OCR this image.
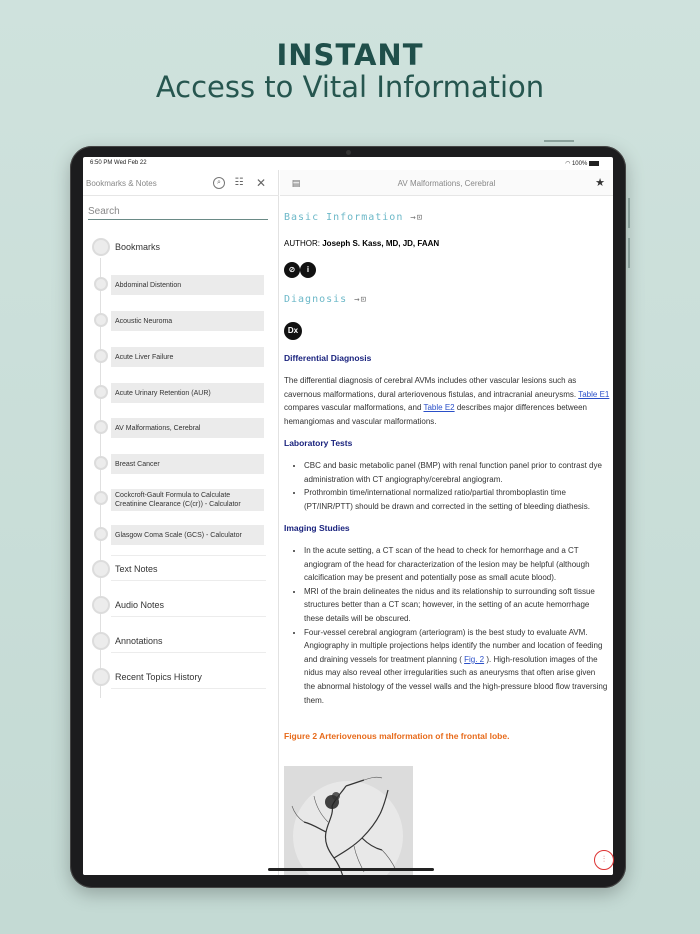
INSTANT
Access to Vital Information
6:50 PM Wed Feb 22	◠ 100%
Bookmarks & Notes	⌕	☷ ✕
Search
Bookmarks
Abdominal Distention
Acoustic Neuroma
Acute Liver Failure
Acute Urinary Retention (AUR)
AV Malformations, Cerebral
Breast Cancer
Cockcroft-Gault Formula to Calculate Creatinine Clearance (C(cr)) - Calculator
Glasgow Coma Scale (GCS) - Calculator
Text Notes
Audio Notes
Annotations
Recent Topics History
▤	AV Malformations, Cerebral	★
Basic Information →⊡
AUTHOR: Joseph S. Kass, MD, JD, FAAN
⊘	i
Diagnosis →⊡
Dx
Differential Diagnosis
The differential diagnosis of cerebral AVMs includes other vascular lesions such as cavernous malformations, dural arteriovenous fistulas, and intracranial aneurysms. Table E1 compares vascular malformations, and Table E2 describes major differences between hemangiomas and vascular malformations.
Laboratory Tests
• CBC and basic metabolic panel (BMP) with renal function panel prior to contrast dye administration with CT angiography/cerebral angiogram.
• Prothrombin time/international normalized ratio/partial thromboplastin time (PT/INR/PTT) should be drawn and corrected in the setting of bleeding diathesis.
Imaging Studies
• In the acute setting, a CT scan of the head to check for hemorrhage and a CT angiogram of the head for characterization of the lesion may be helpful (although calcification may be present and potentially pose as small acute blood).
• MRI of the brain delineates the nidus and its relationship to surrounding soft tissue structures better than a CT scan; however, in the setting of an acute hemorrhage these details will be obscured.
• Four-vessel cerebral angiogram (arteriogram) is the best study to evaluate AVM. Angiography in multiple projections helps identify the number and location of feeding and draining vessels for treatment planning ( Fig. 2 ). High-resolution images of the nidus may also reveal other irregularities such as aneurysms that often arise given the abnormal histology of the vessel walls and the high-pressure blood flow traversing them.
Figure 2 Arteriovenous malformation of the frontal lobe.
⫶
